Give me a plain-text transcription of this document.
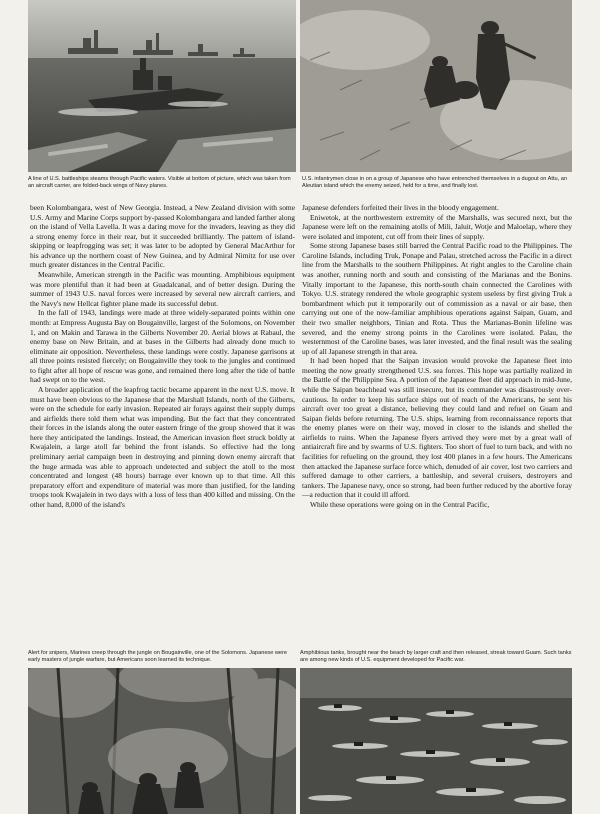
A line of U.S. battleships steams through Pacific waters. Visible at bottom of picture, which was taken from an aircraft carrier, are folded-back wings of Navy planes.

U.S. infantrymen close in on a group of Japanese who have entrenched themselves in a dugout on Attu, an Aleutian island which the enemy seized, held for a time, and finally lost.

been Kolombangara, west of New Georgia. Instead, a New Zealand division with some U.S. Army and Marine Corps support by-passed Kolombangara and landed farther along on the island of Vella Lavella. It was a daring move for the invaders, leaving as they did a strong enemy force in their rear, but it succeeded brilliantly. The pattern of island-skipping or leapfrogging was set; it was later to be adopted by General MacArthur for his advance up the northern coast of New Guinea, and by Admiral Nimitz for use over much greater distances in the Central Pacific.

Meanwhile, American strength in the Pacific was mounting. Amphibious equipment was more plentiful than it had been at Guadalcanal, and of better design. During the summer of 1943 U.S. naval forces were increased by several new aircraft carriers, and the Navy's new Hellcat fighter plane made its successful debut.

In the fall of 1943, landings were made at three widely-separated points within one month: at Empress Augusta Bay on Bougainville, largest of the Solomons, on November 1, and on Makin and Tarawa in the Gilberts November 20. Aerial blows at Rabaul, the enemy base on New Britain, and at bases in the Gilberts had already done much to eliminate air opposition. Nevertheless, these landings were costly. Japanese garrisons at all three points resisted fiercely; on Bougainville they took to the jungles and continued to fight after all hope of rescue was gone, and remained there long after the tide of battle had swept on to the west.

A broader application of the leapfrog tactic became apparent in the next U.S. move. It must have been obvious to the Japanese that the Marshall Islands, north of the Gilberts, were on the schedule for early invasion. Repeated air forays against their supply dumps and airfields there told them what was impending. But the fact that they concentrated their forces in the islands along the outer eastern fringe of the group showed that it was here they anticipated the landings. Instead, the American invasion fleet struck boldly at Kwajalein, a large atoll far behind the front islands. So effective had the long preliminary aerial campaign been in destroying and pinning down enemy aircraft that the huge armada was able to approach undetected and subject the atoll to the most concentrated and longest (48 hours) barrage ever known up to that time. All this preparatory effort and expenditure of material was more than justified, for the landing troops took Kwajalein in two days with a loss of less than 400 killed and missing. On the other hand, 8,000 of the island's

Japanese defenders forfeited their lives in the bloody engagement.

Eniwetok, at the northwestern extremity of the Marshalls, was secured next, but the Japanese were left on the remaining atolls of Mili, Jaluit, Wotje and Maloelap, where they were isolated and impotent, cut off from their lines of supply.

Some strong Japanese bases still barred the Central Pacific road to the Philippines. The Caroline Islands, including Truk, Ponape and Palau, stretched across the Pacific in a direct line from the Marshalls to the southern Philippines. At right angles to the Caroline chain was another, running north and south and consisting of the Marianas and the Bonins. Vitally important to the Japanese, this north-south chain connected the Carolines with Tokyo. U.S. strategy rendered the whole geographic system useless by first giving Truk a bombardment which put it temporarily out of commission as a naval or air base, then carrying out one of the now-familiar amphibious operations against Saipan, Guam, and their two smaller neighbors, Tinian and Rota. Thus the Marianas-Bonin lifeline was severed, and the enemy strong points in the Carolines were isolated. Palau, the westernmost of the Caroline bases, was later invested, and the final result was the sealing up of all Japanese strength in that area.

It had been hoped that the Saipan invasion would provoke the Japanese fleet into meeting the now greatly strengthened U.S. sea forces. This hope was partially realized in the Battle of the Philippine Sea. A portion of the Japanese fleet did approach in mid-June, while the Saipan beachhead was still insecure, but its commander was disastrously over-cautious. In order to keep his surface ships out of reach of the Americans, he sent his aircraft over too great a distance, believing they could land and refuel on Guam and Saipan fields before returning. The U.S. ships, learning from reconnaissance reports that the enemy planes were on their way, moved in closer to the islands and shelled the airfields to ruins. When the Japanese flyers arrived they were met by a great wall of antiaircraft fire and by swarms of U.S. fighters. Too short of fuel to turn back, and with no facilities for refueling on the ground, they lost 400 planes in a few hours. The Americans then attacked the Japanese surface force which, denuded of air cover, lost two carriers and suffered damage to other carriers, a battleship, and several cruisers, destroyers and tankers. The Japanese navy, once so strong, had been further reduced by the abortive foray—a reduction that it could ill afford.

While these operations were going on in the Central Pacific,

Alert for snipers, Marines creep through the jungle on Bougainville, one of the Solomons. Japanese were early masters of jungle warfare, but Americans soon learned its technique.

Amphibious tanks, brought near the beach by larger craft and then released, streak toward Guam. Such tanks are among new kinds of U.S. equipment developed for Pacific war.
